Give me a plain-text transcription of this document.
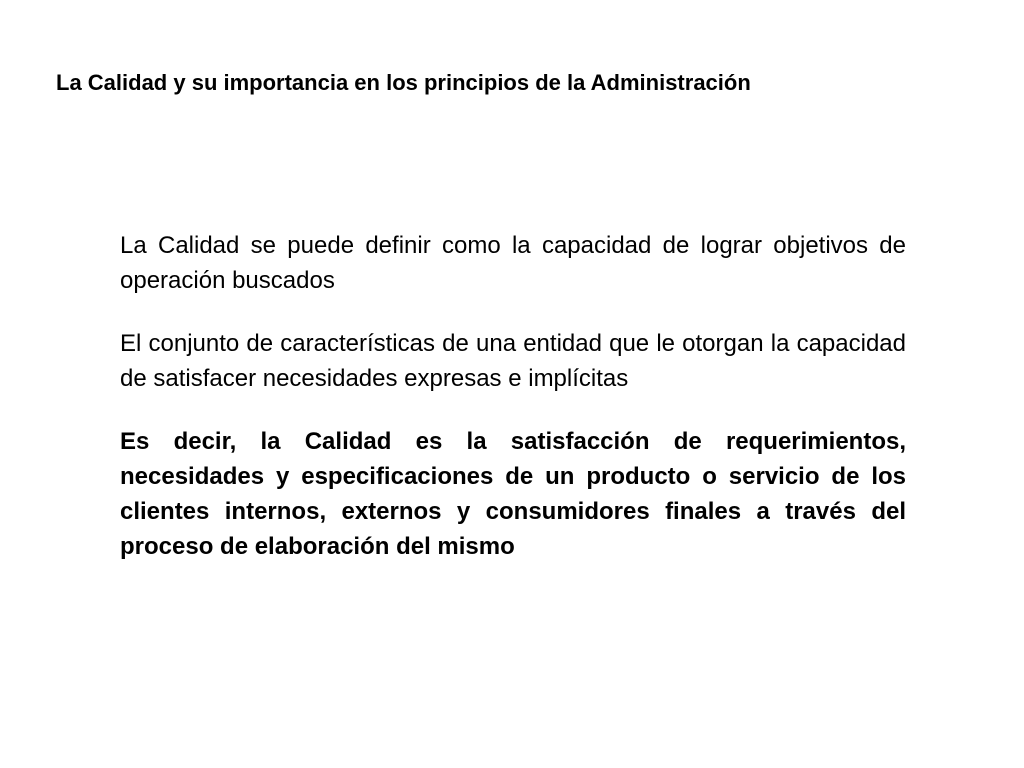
La Calidad y su importancia en los principios de la Administración

La Calidad se puede definir como la capacidad de lograr objetivos de operación buscados

El conjunto de características de una entidad que le otorgan la capacidad de satisfacer necesidades expresas e implícitas

Es decir, la Calidad es la satisfacción de requerimientos, necesidades y especificaciones de un producto o servicio de los clientes internos, externos y consumidores finales a través del proceso de elaboración del mismo
